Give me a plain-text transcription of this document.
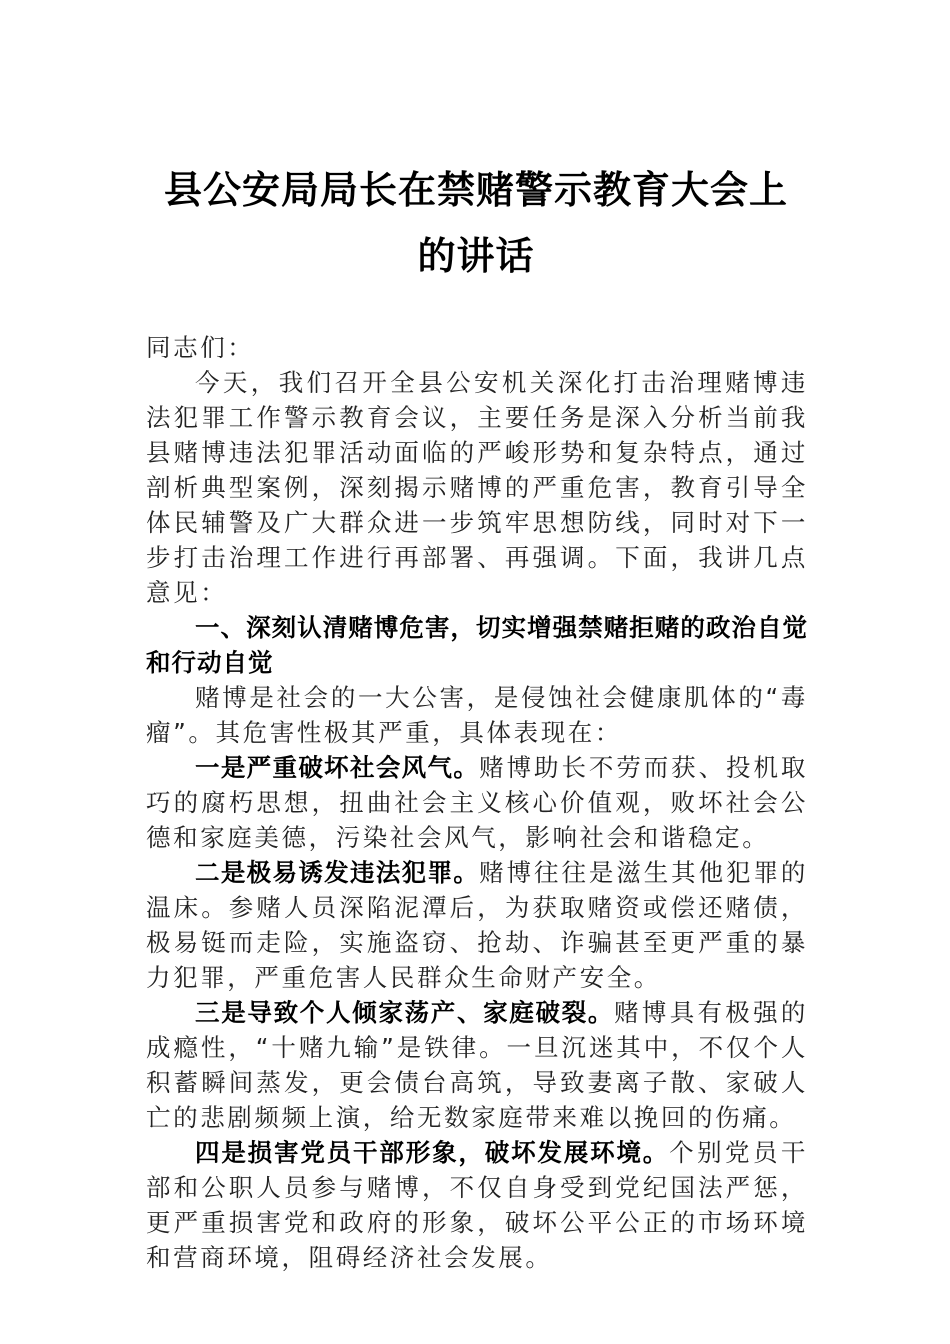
县公安局局长在禁赌警示教育大会上的讲话

同志们：

今天，我们召开全县公安机关深化打击治理赌博违法犯罪工作警示教育会议，主要任务是深入分析当前我县赌博违法犯罪活动面临的严峻形势和复杂特点，通过剖析典型案例，深刻揭示赌博的严重危害，教育引导全体民辅警及广大群众进一步筑牢思想防线，同时对下一步打击治理工作进行再部署、再强调。下面，我讲几点意见：

一、深刻认清赌博危害，切实增强禁赌拒赌的政治自觉和行动自觉

赌博是社会的一大公害，是侵蚀社会健康肌体的“毒瘤”。其危害性极其严重，具体表现在：

一是严重破坏社会风气。赌博助长不劳而获、投机取巧的腐朽思想，扭曲社会主义核心价值观，败坏社会公德和家庭美德，污染社会风气，影响社会和谐稳定。

二是极易诱发违法犯罪。赌博往往是滋生其他犯罪的温床。参赌人员深陷泥潭后，为获取赌资或偿还赌债，极易铤而走险，实施盗窃、抢劫、诈骗甚至更严重的暴力犯罪，严重危害人民群众生命财产安全。

三是导致个人倾家荡产、家庭破裂。赌博具有极强的成瘾性，“十赌九输”是铁律。一旦沉迷其中，不仅个人积蓄瞬间蒸发，更会债台高筑，导致妻离子散、家破人亡的悲剧频频上演，给无数家庭带来难以挽回的伤痛。

四是损害党员干部形象，破坏发展环境。个别党员干部和公职人员参与赌博，不仅自身受到党纪国法严惩，更严重损害党和政府的形象，破坏公平公正的市场环境和营商环境，阻碍经济社会发展。
